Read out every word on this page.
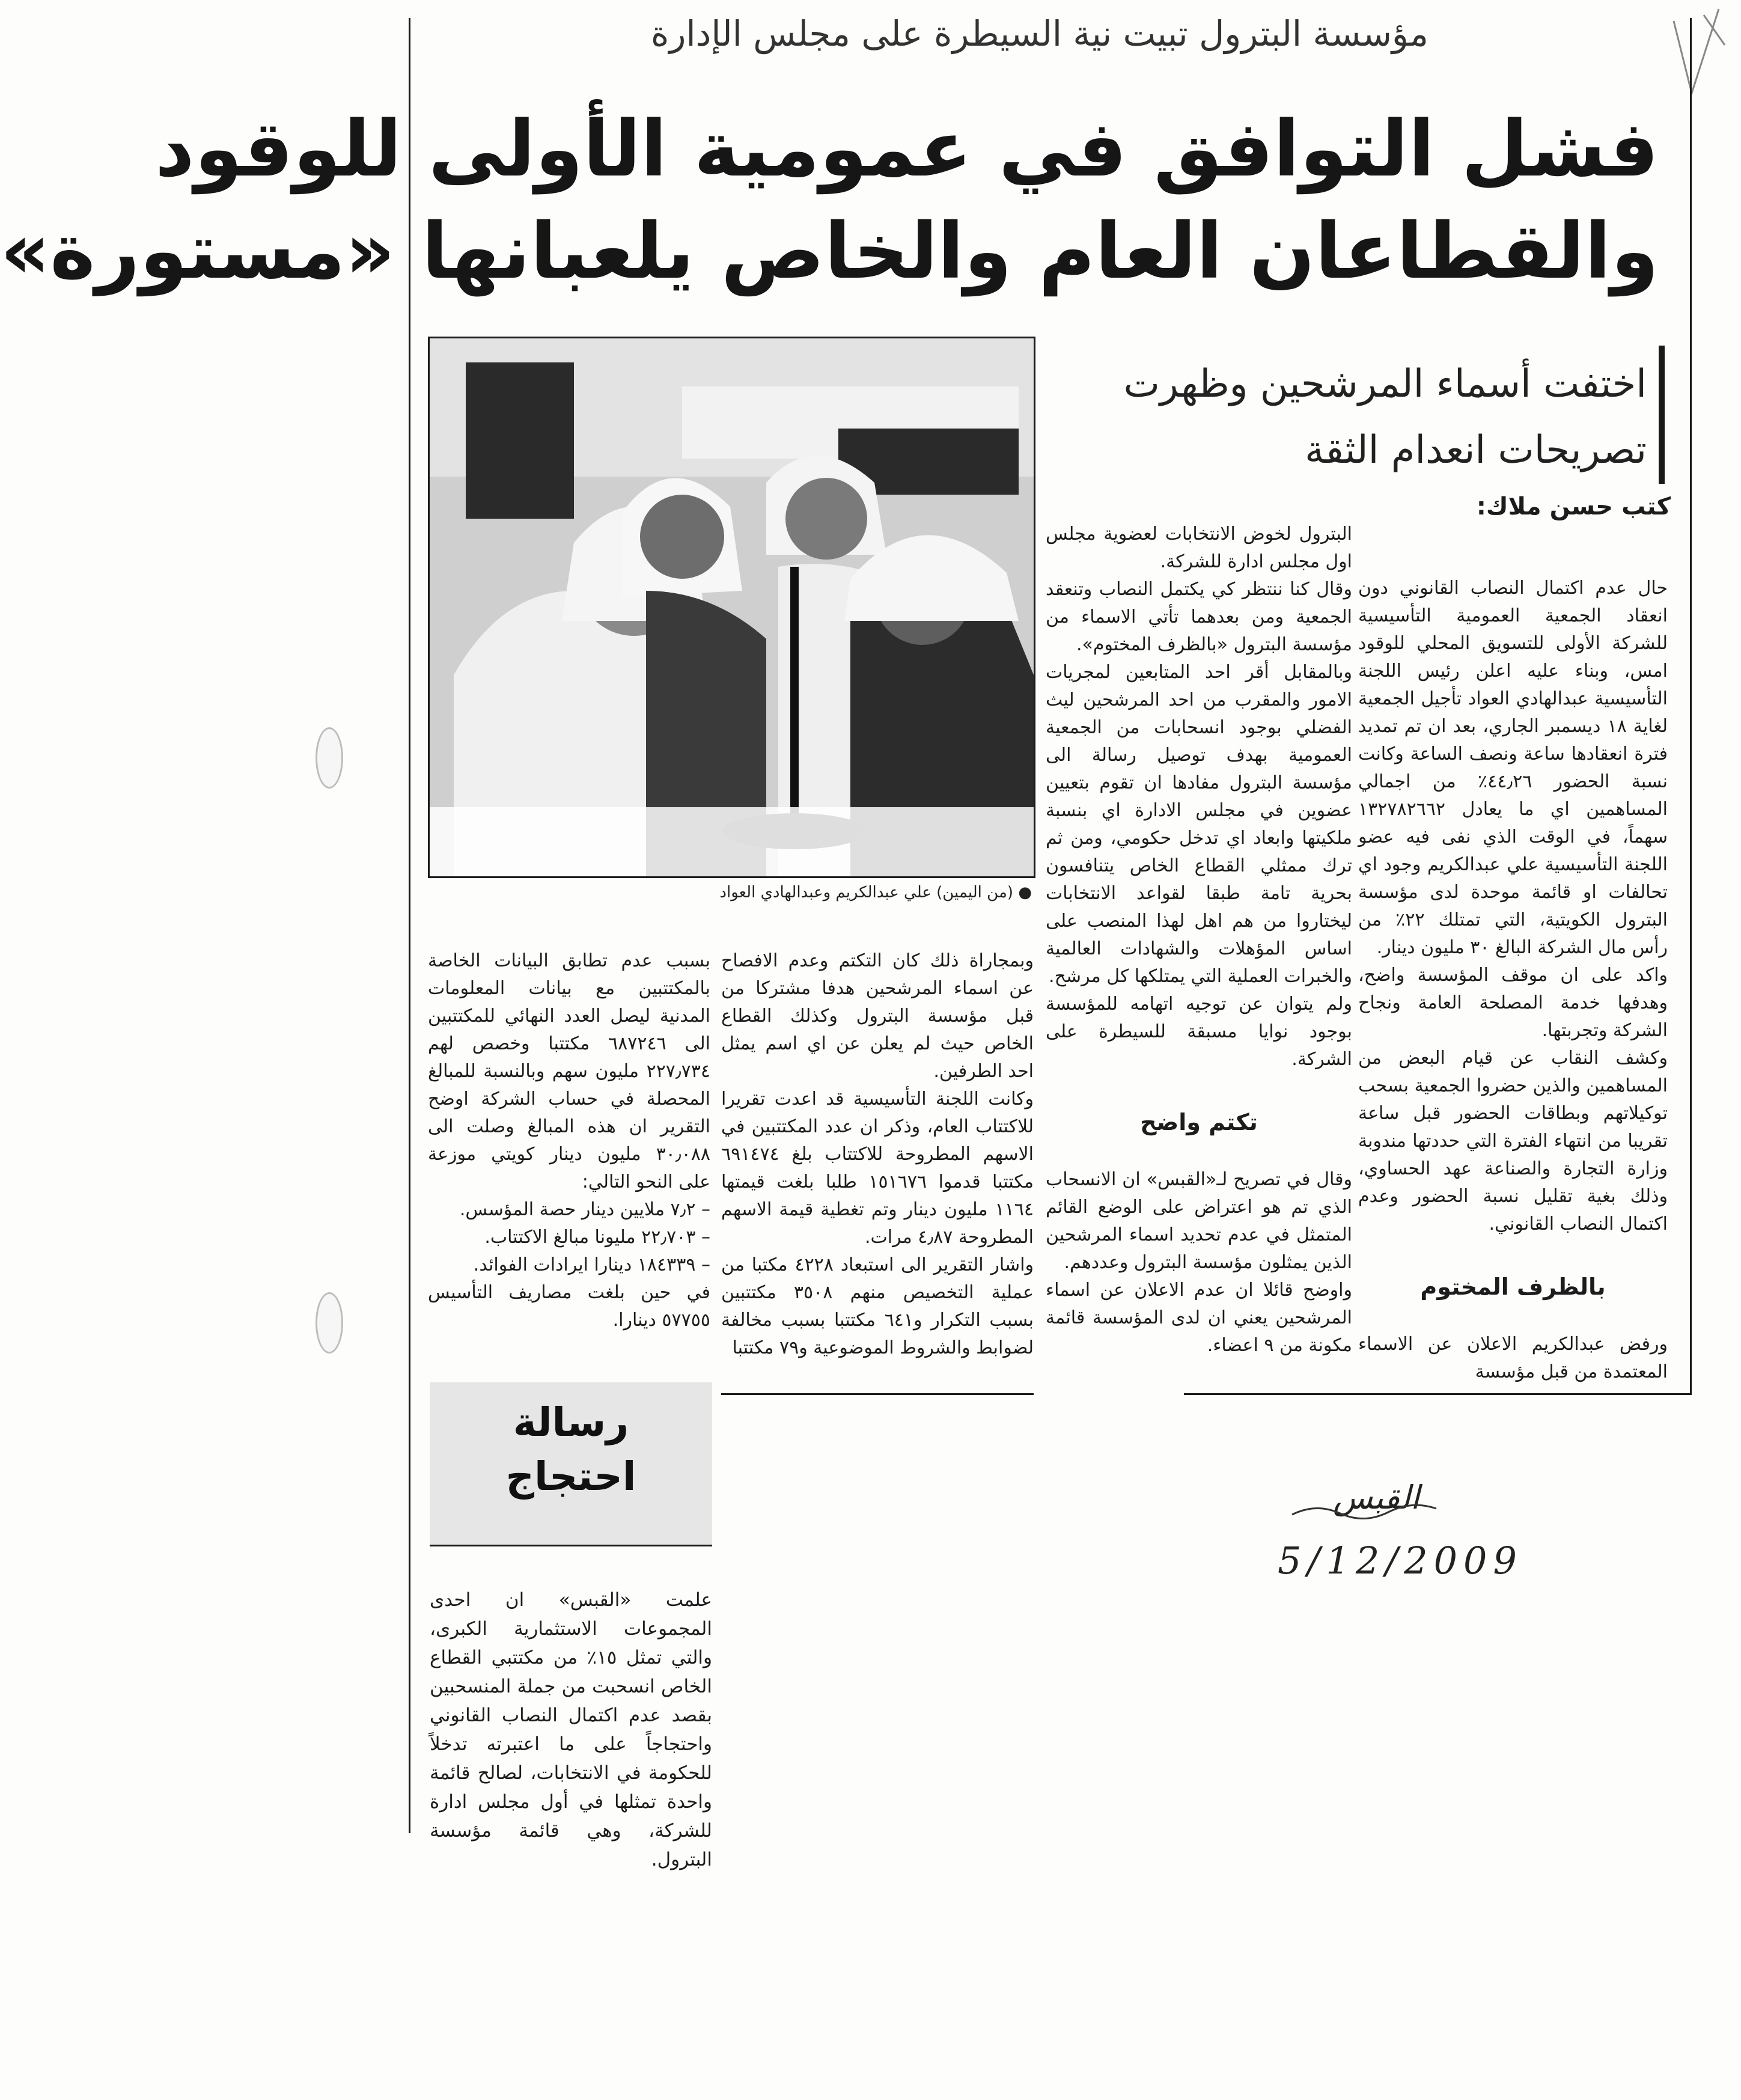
مؤسسة البترول تبيت نية السيطرة على مجلس الإدارة
فشل التوافق في عمومية الأولى للوقود
والقطاعان العام والخاص يلعبانها «مستورة»
● (من اليمين) علي عبدالكريم وعبدالهادي العواد
اختفت أسماء المرشحين وظهرت
تصريحات انعدام الثقة
كتب حسن ملاك:

حال عدم اكتمال النصاب القانوني دون انعقاد الجمعية العمومية التأسيسية للشركة الأولى للتسويق المحلي للوقود امس، وبناء عليه اعلن رئيس اللجنة التأسيسية عبدالهادي العواد تأجيل الجمعية لغاية ١٨ ديسمبر الجاري، بعد ان تم تمديد فترة انعقادها ساعة ونصف الساعة وكانت نسبة الحضور ٤٤٫٢٦٪ من اجمالي المساهمين اي ما يعادل ١٣٢٧٨٢٦٦٢ سهماً، في الوقت الذي نفى فيه عضو اللجنة التأسيسية علي عبدالكريم وجود اي تحالفات او قائمة موحدة لدى مؤسسة البترول الكويتية، التي تمتلك ٢٢٪ من رأس مال الشركة البالغ ٣٠ مليون دينار.
واكد على ان موقف المؤسسة واضح، وهدفها خدمة المصلحة العامة ونجاح الشركة وتجربتها.
وكشف النقاب عن قيام البعض من المساهمين والذين حضروا الجمعية بسحب توكيلاتهم وبطاقات الحضور قبل ساعة تقريبا من انتهاء الفترة التي حددتها مندوبة وزارة التجارة والصناعة عهد الحساوي، وذلك بغية تقليل نسبة الحضور وعدم اكتمال النصاب القانوني.

بالظرف المختوم

ورفض عبدالكريم الاعلان عن الاسماء المعتمدة من قبل مؤسسة

البترول لخوض الانتخابات لعضوية مجلس اول مجلس ادارة للشركة.
وقال كنا ننتظر كي يكتمل النصاب وتنعقد الجمعية ومن بعدهما تأتي الاسماء من مؤسسة البترول «بالظرف المختوم».
وبالمقابل أقر احد المتابعين لمجريات الامور والمقرب من احد المرشحين ليث الفضلي بوجود انسحابات من الجمعية العمومية بهدف توصيل رسالة الى مؤسسة البترول مفادها ان تقوم بتعيين عضوين في مجلس الادارة اي بنسبة ملكيتها وابعاد اي تدخل حكومي، ومن ثم ترك ممثلي القطاع الخاص يتنافسون بحرية تامة طبقا لقواعد الانتخابات ليختاروا من هم اهل لهذا المنصب على اساس المؤهلات والشهادات العالمية والخبرات العملية التي يمتلكها كل مرشح.
ولم يتوان عن توجيه اتهامه للمؤسسة بوجود نوايا مسبقة للسيطرة على الشركة.

تكتم واضح

وقال في تصريح لـ«القبس» ان الانسحاب الذي تم هو اعتراض على الوضع القائم المتمثل في عدم تحديد اسماء المرشحين الذين يمثلون مؤسسة البترول وعددهم.
واوضح قائلا ان عدم الاعلان عن اسماء المرشحين يعني ان لدى المؤسسة قائمة مكونة من ٩ اعضاء.

وبمجاراة ذلك كان التكتم وعدم الافصاح عن اسماء المرشحين هدفا مشتركا من قبل مؤسسة البترول وكذلك القطاع الخاص حيث لم يعلن عن اي اسم يمثل احد الطرفين.
وكانت اللجنة التأسيسية قد اعدت تقريرا للاكتتاب العام، وذكر ان عدد المكتتبين في الاسهم المطروحة للاكتتاب بلغ ٦٩١٤٧٤ مكتتبا قدموا ١٥١٦٧٦ طلبا بلغت قيمتها ١١٦٤ مليون دينار وتم تغطية قيمة الاسهم المطروحة ٤٫٨٧ مرات.
واشار التقرير الى استبعاد ٤٢٢٨ مكتبا من عملية التخصيص منهم ٣٥٠٨ مكتتبين بسبب التكرار و٦٤١ مكتتبا بسبب مخالفة لضوابط والشروط الموضوعية و٧٩ مكتتبا

بسبب عدم تطابق البيانات الخاصة بالمكتتبين مع بيانات المعلومات المدنية ليصل العدد النهائي للمكتتبين الى ٦٨٧٢٤٦ مكتتبا وخصص لهم ٢٢٧٫٧٣٤ مليون سهم وبالنسبة للمبالغ المحصلة في حساب الشركة اوضح التقرير ان هذه المبالغ وصلت الى ٣٠٫٠٨٨ مليون دينار كويتي موزعة على النحو التالي:
– ٧٫٢ ملايين دينار حصة المؤسس.
– ٢٢٫٧٠٣ مليونا مبالغ الاكتتاب.
– ١٨٤٣٣٩ دينارا ايرادات الفوائد.
في حين بلغت مصاريف التأسيس ٥٧٧٥٥ دينارا.

رسالة
احتجاج

علمت «القبس» ان احدى المجموعات الاستثمارية الكبرى، والتي تمثل ١٥٪ من مكتتبي القطاع الخاص انسحبت من جملة المنسحبين بقصد عدم اكتمال النصاب القانوني واحتجاجاً على ما اعتبرته تدخلاً للحكومة في الانتخابات، لصالح قائمة واحدة تمثلها في أول مجلس ادارة للشركة، وهي قائمة مؤسسة البترول.

القبس
5/12/2009
